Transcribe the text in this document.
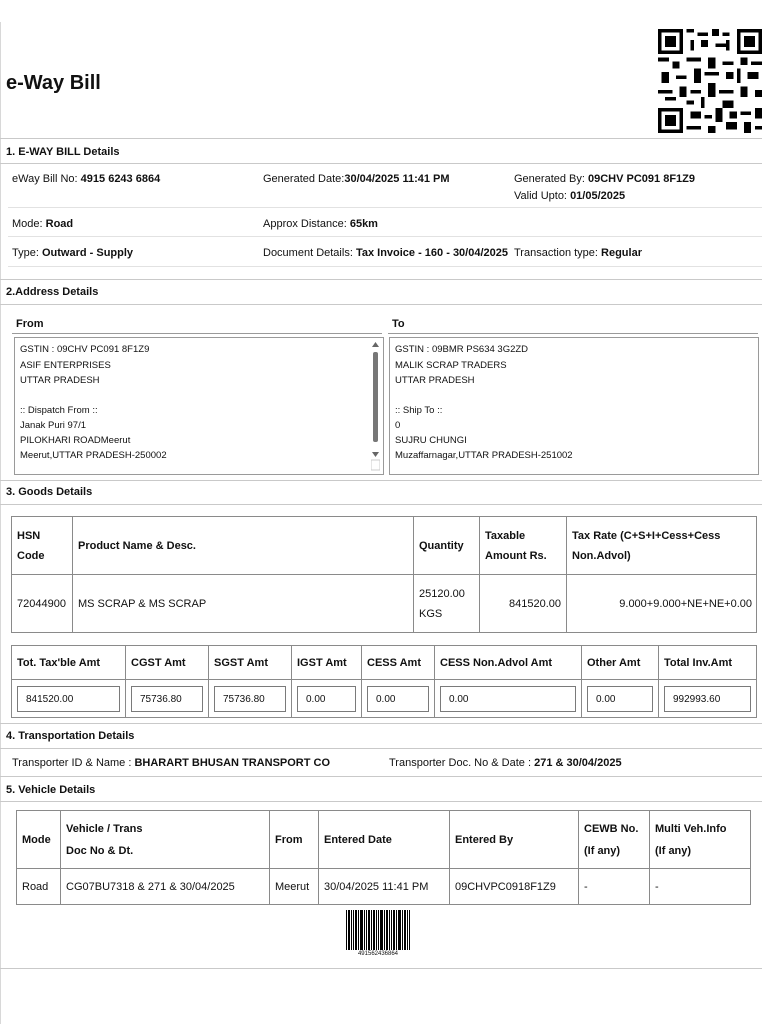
e-Way Bill
1. E-WAY BILL Details
eWay Bill No: 4915 6243 6864	Generated Date:30/04/2025 11:41 PM	Generated By: 09CHV PC091 8F1Z9
Valid Upto: 01/05/2025
Mode: Road	Approx Distance: 65km
Type: Outward - Supply	Document Details: Tax Invoice - 160 - 30/04/2025 Transaction type: Regular
2.Address Details
From	To
GSTIN : 09CHV PC091 8F1Z9
ASIF ENTERPRISES
UTTAR PRADESH
:: Dispatch From ::
Janak Puri 97/1
PILOKHARI ROADMeerut
Meerut,UTTAR PRADESH-250002
GSTIN : 09BMR PS634 3G2ZD
MALIK SCRAP TRADERS
UTTAR PRADESH
:: Ship To ::
0
SUJRU CHUNGI
Muzaffarnagar,UTTAR PRADESH-251002
3. Goods Details
HSN
Code	Product Name & Desc.	Quantity	Taxable
Amount Rs.	Tax Rate (C+S+I+Cess+Cess
Non.Advol)
72044900	MS SCRAP & MS SCRAP	25120.00
KGS	841520.00	9.000+9.000+NE+NE+0.00
Tot. Tax'ble Amt	CGST Amt	SGST Amt	IGST Amt	CESS Amt	CESS Non.Advol Amt	Other Amt	Total Inv.Amt

841520.00	75736.80	75736.80	0.00	0.00	0.00	0.00	992993.60
4. Transportation Details
Transporter ID & Name : BHARART BHUSAN TRANSPORT CO	Transporter Doc. No & Date : 271 & 30/04/2025
5. Vehicle Details
Mode	Vehicle / Trans
Doc No & Dt.	From	Entered Date	Entered By	CEWB No.
(If any)	Multi Veh.Info
(If any)
Road	CG07BU7318 & 271 & 30/04/2025	Meerut	30/04/2025 11:41 PM	09CHVPC0918F1Z9	-	-
491562436864
